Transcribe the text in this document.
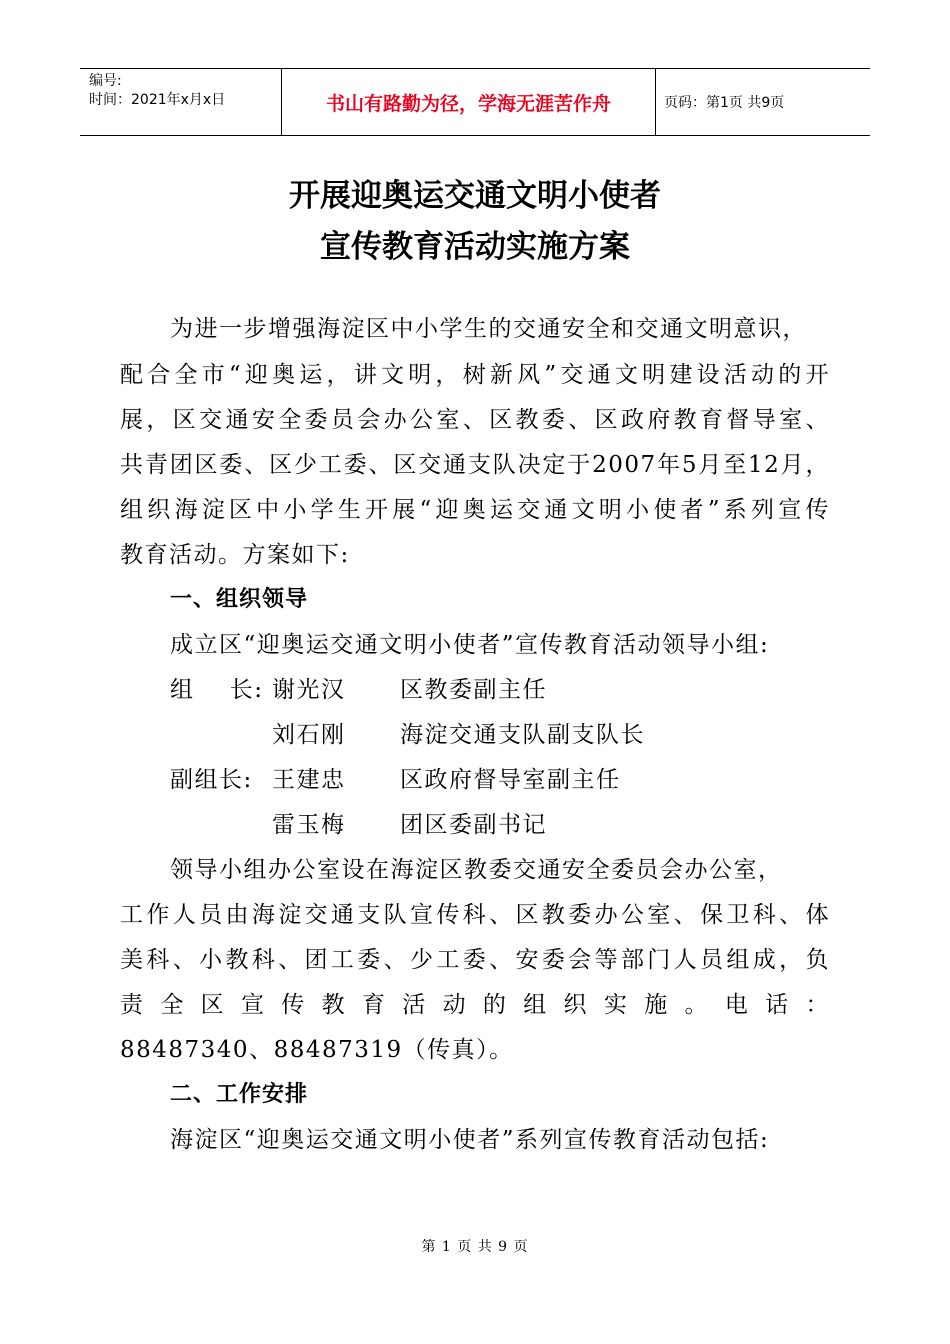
编号:
时间：2021年x月x日	书山有路勤为径，学海无涯苦作舟	页码：第1页 共9页
开展迎奥运交通文明小使者
宣传教育活动实施方案
为进一步增强海淀区中小学生的交通安全和交通文明意识，
配合全市“迎奥运，讲文明，树新风”交通文明建设活动的开
展，区交通安全委员会办公室、区教委、区政府教育督导室、
共青团区委、区少工委、区交通支队决定于2007年5月至12月，
组织海淀区中小学生开展“迎奥运交通文明小使者”系列宣传
教育活动。方案如下:
一、组织领导
成立区“迎奥运交通文明小使者”宣传教育活动领导小组:
组    长: 谢光汉 区教委副主任
刘石刚 海淀交通支队副支队长
副组长: 王建忠 区政府督导室副主任
雷玉梅 团区委副书记
领导小组办公室设在海淀区教委交通安全委员会办公室，
工作人员由海淀交通支队宣传科、区教委办公室、保卫科、体
美科、小教科、团工委、少工委、安委会等部门人员组成，负
责全区宣传教育活动的组织实施。电话：
88487340、88487319（传真）。
二、工作安排
海淀区“迎奥运交通文明小使者”系列宣传教育活动包括:
第 1 页 共 9 页
